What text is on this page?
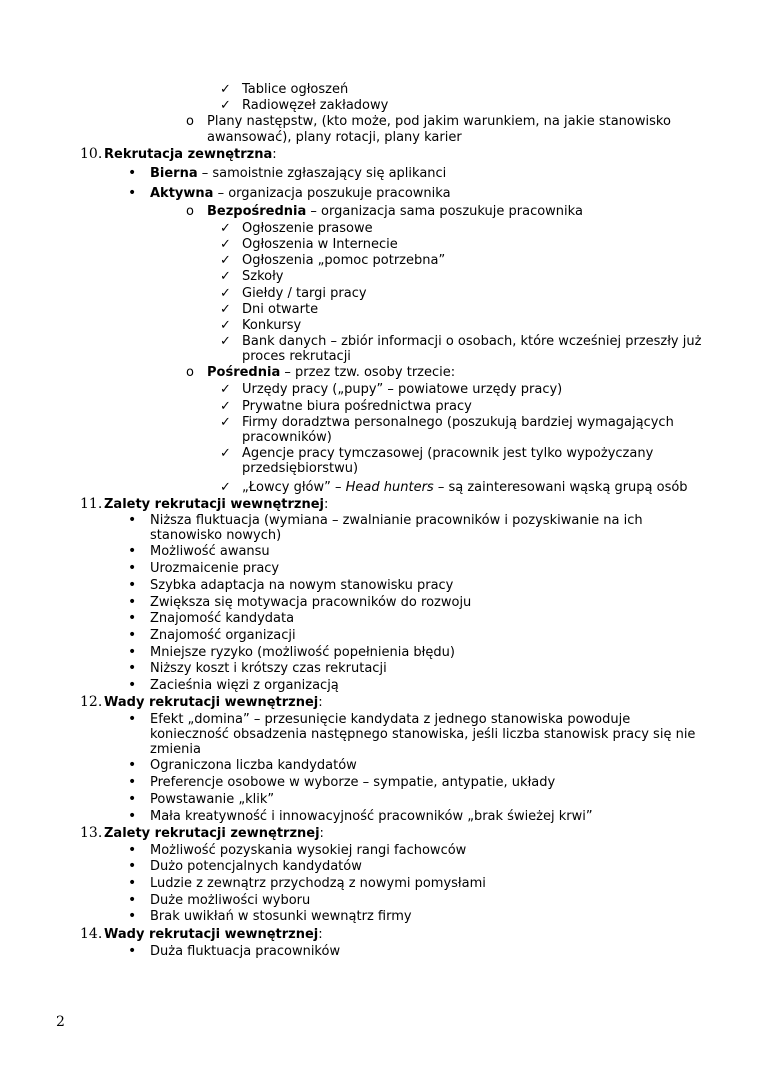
✓ Tablice ogłoszeń
✓ Radiowęzeł zakładowy
o Plany następstw, (kto może, pod jakim warunkiem, na jakie stanowisko
awansować), plany rotacji, plany karier
10. Rekrutacja zewnętrzna:
• Bierna – samoistnie zgłaszający się aplikanci
• Aktywna – organizacja poszukuje pracownika
o Bezpośrednia – organizacja sama poszukuje pracownika
✓ Ogłoszenie prasowe
✓ Ogłoszenia w Internecie
✓ Ogłoszenia „pomoc potrzebna”
✓ Szkoły
✓ Giełdy / targi pracy
✓ Dni otwarte
✓ Konkursy
✓ Bank danych – zbiór informacji o osobach, które wcześniej przeszły już
proces rekrutacji
o Pośrednia – przez tzw. osoby trzecie:
✓ Urzędy pracy („pupy” – powiatowe urzędy pracy)
✓ Prywatne biura pośrednictwa pracy
✓ Firmy doradztwa personalnego (poszukują bardziej wymagających
pracowników)
✓ Agencje pracy tymczasowej (pracownik jest tylko wypożyczany
przedsiębiorstwu)
✓ „Łowcy głów” – Head hunters – są zainteresowani wąską grupą osób
11. Zalety rekrutacji wewnętrznej:
• Niższa fluktuacja (wymiana – zwalnianie pracowników i pozyskiwanie na ich
stanowisko nowych)
• Możliwość awansu
• Urozmaicenie pracy
• Szybka adaptacja na nowym stanowisku pracy
• Zwiększa się motywacja pracowników do rozwoju
• Znajomość kandydata
• Znajomość organizacji
• Mniejsze ryzyko (możliwość popełnienia błędu)
• Niższy koszt i krótszy czas rekrutacji
• Zacieśnia więzi z organizacją
12. Wady rekrutacji wewnętrznej:
• Efekt „domina” – przesunięcie kandydata z jednego stanowiska powoduje
konieczność obsadzenia następnego stanowiska, jeśli liczba stanowisk pracy się nie
zmienia
• Ograniczona liczba kandydatów
• Preferencje osobowe w wyborze – sympatie, antypatie, układy
• Powstawanie „klik”
• Mała kreatywność i innowacyjność pracowników „brak świeżej krwi”
13. Zalety rekrutacji zewnętrznej:
• Możliwość pozyskania wysokiej rangi fachowców
• Dużo potencjalnych kandydatów
• Ludzie z zewnątrz przychodzą z nowymi pomysłami
• Duże możliwości wyboru
• Brak uwikłań w stosunki wewnątrz firmy
14. Wady rekrutacji wewnętrznej:
• Duża fluktuacja pracowników
2
